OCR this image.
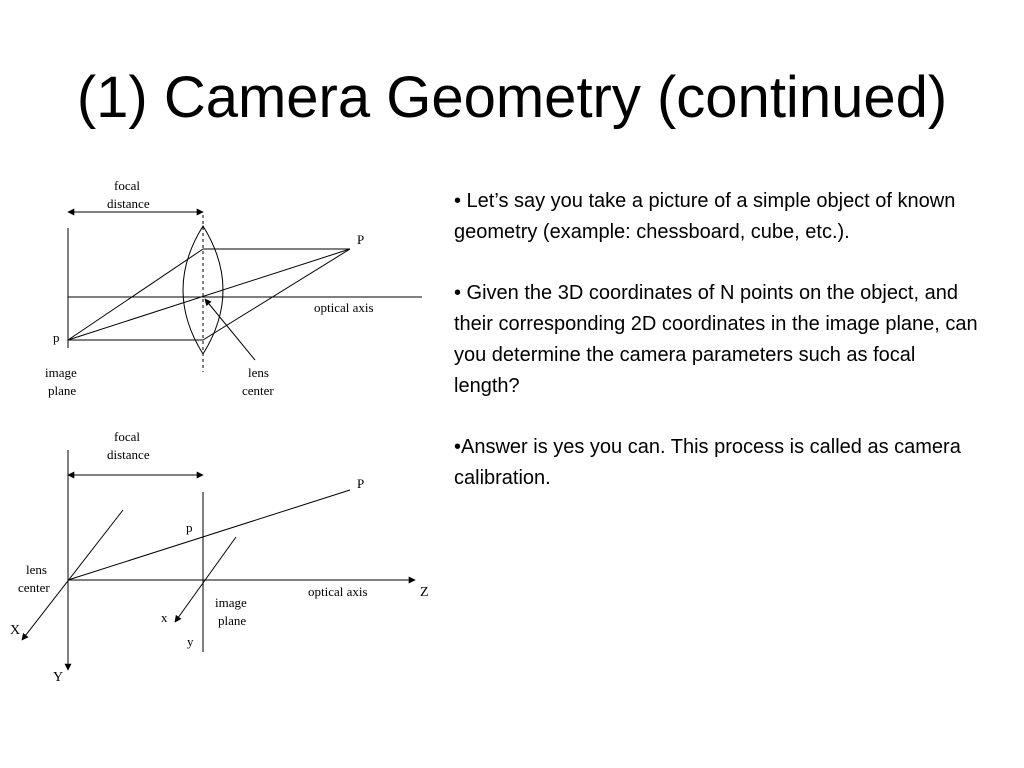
(1) Camera Geometry (continued)
focal
distance
P
p
optical axis
image
plane
lens
center
focal
distance
P
p
lens
center	optical axis	Z
X
Y
x
y
image
plane

• Let’s say you take a picture of a simple object of known geometry (example: chessboard, cube, etc.).

• Given the 3D coordinates of N points on the object, and their corresponding 2D coordinates in the image plane, can you determine the camera parameters such as focal length?

•Answer is yes you can. This process is called as camera calibration.
